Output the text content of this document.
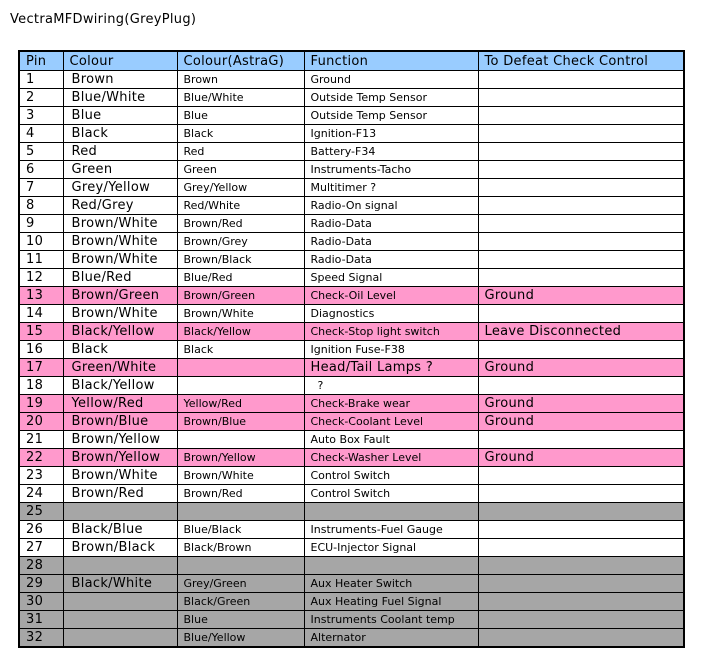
VectraMFDwiring(GreyPlug)
Pin	Colour	Colour(AstraG)	Function	To Defeat Check Control
1	Brown	Brown	Ground	
2	Blue/White	Blue/White	Outside Temp Sensor	
3	Blue	Blue	Outside Temp Sensor	
4	Black	Black	Ignition-F13	
5	Red	Red	Battery-F34	
6	Green	Green	Instruments-Tacho	
7	Grey/Yellow	Grey/Yellow	Multitimer ?	
8	Red/Grey	Red/White	Radio-On signal	
9	Brown/White	Brown/Red	Radio-Data	
10	Brown/White	Brown/Grey	Radio-Data	
11	Brown/White	Brown/Black	Radio-Data	
12	Blue/Red	Blue/Red	Speed Signal	
13	Brown/Green	Brown/Green	Check-Oil Level	Ground
14	Brown/White	Brown/White	Diagnostics	
15	Black/Yellow	Black/Yellow	Check-Stop light switch	Leave Disconnected
16	Black	Black	Ignition Fuse-F38	
17	Green/White		Head/Tail Lamps ?	Ground
18	Black/Yellow		?	
19	Yellow/Red	Yellow/Red	Check-Brake wear	Ground
20	Brown/Blue	Brown/Blue	Check-Coolant Level	Ground
21	Brown/Yellow		Auto Box Fault	
22	Brown/Yellow	Brown/Yellow	Check-Washer Level	Ground
23	Brown/White	Brown/White	Control Switch	
24	Brown/Red	Brown/Red	Control Switch	
25				
26	Black/Blue	Blue/Black	Instruments-Fuel Gauge	
27	Brown/Black	Black/Brown	ECU-Injector Signal	
28				
29	Black/White	Grey/Green	Aux Heater Switch	
30		Black/Green	Aux Heating Fuel Signal	
31		Blue	Instruments Coolant temp	
32		Blue/Yellow	Alternator	
